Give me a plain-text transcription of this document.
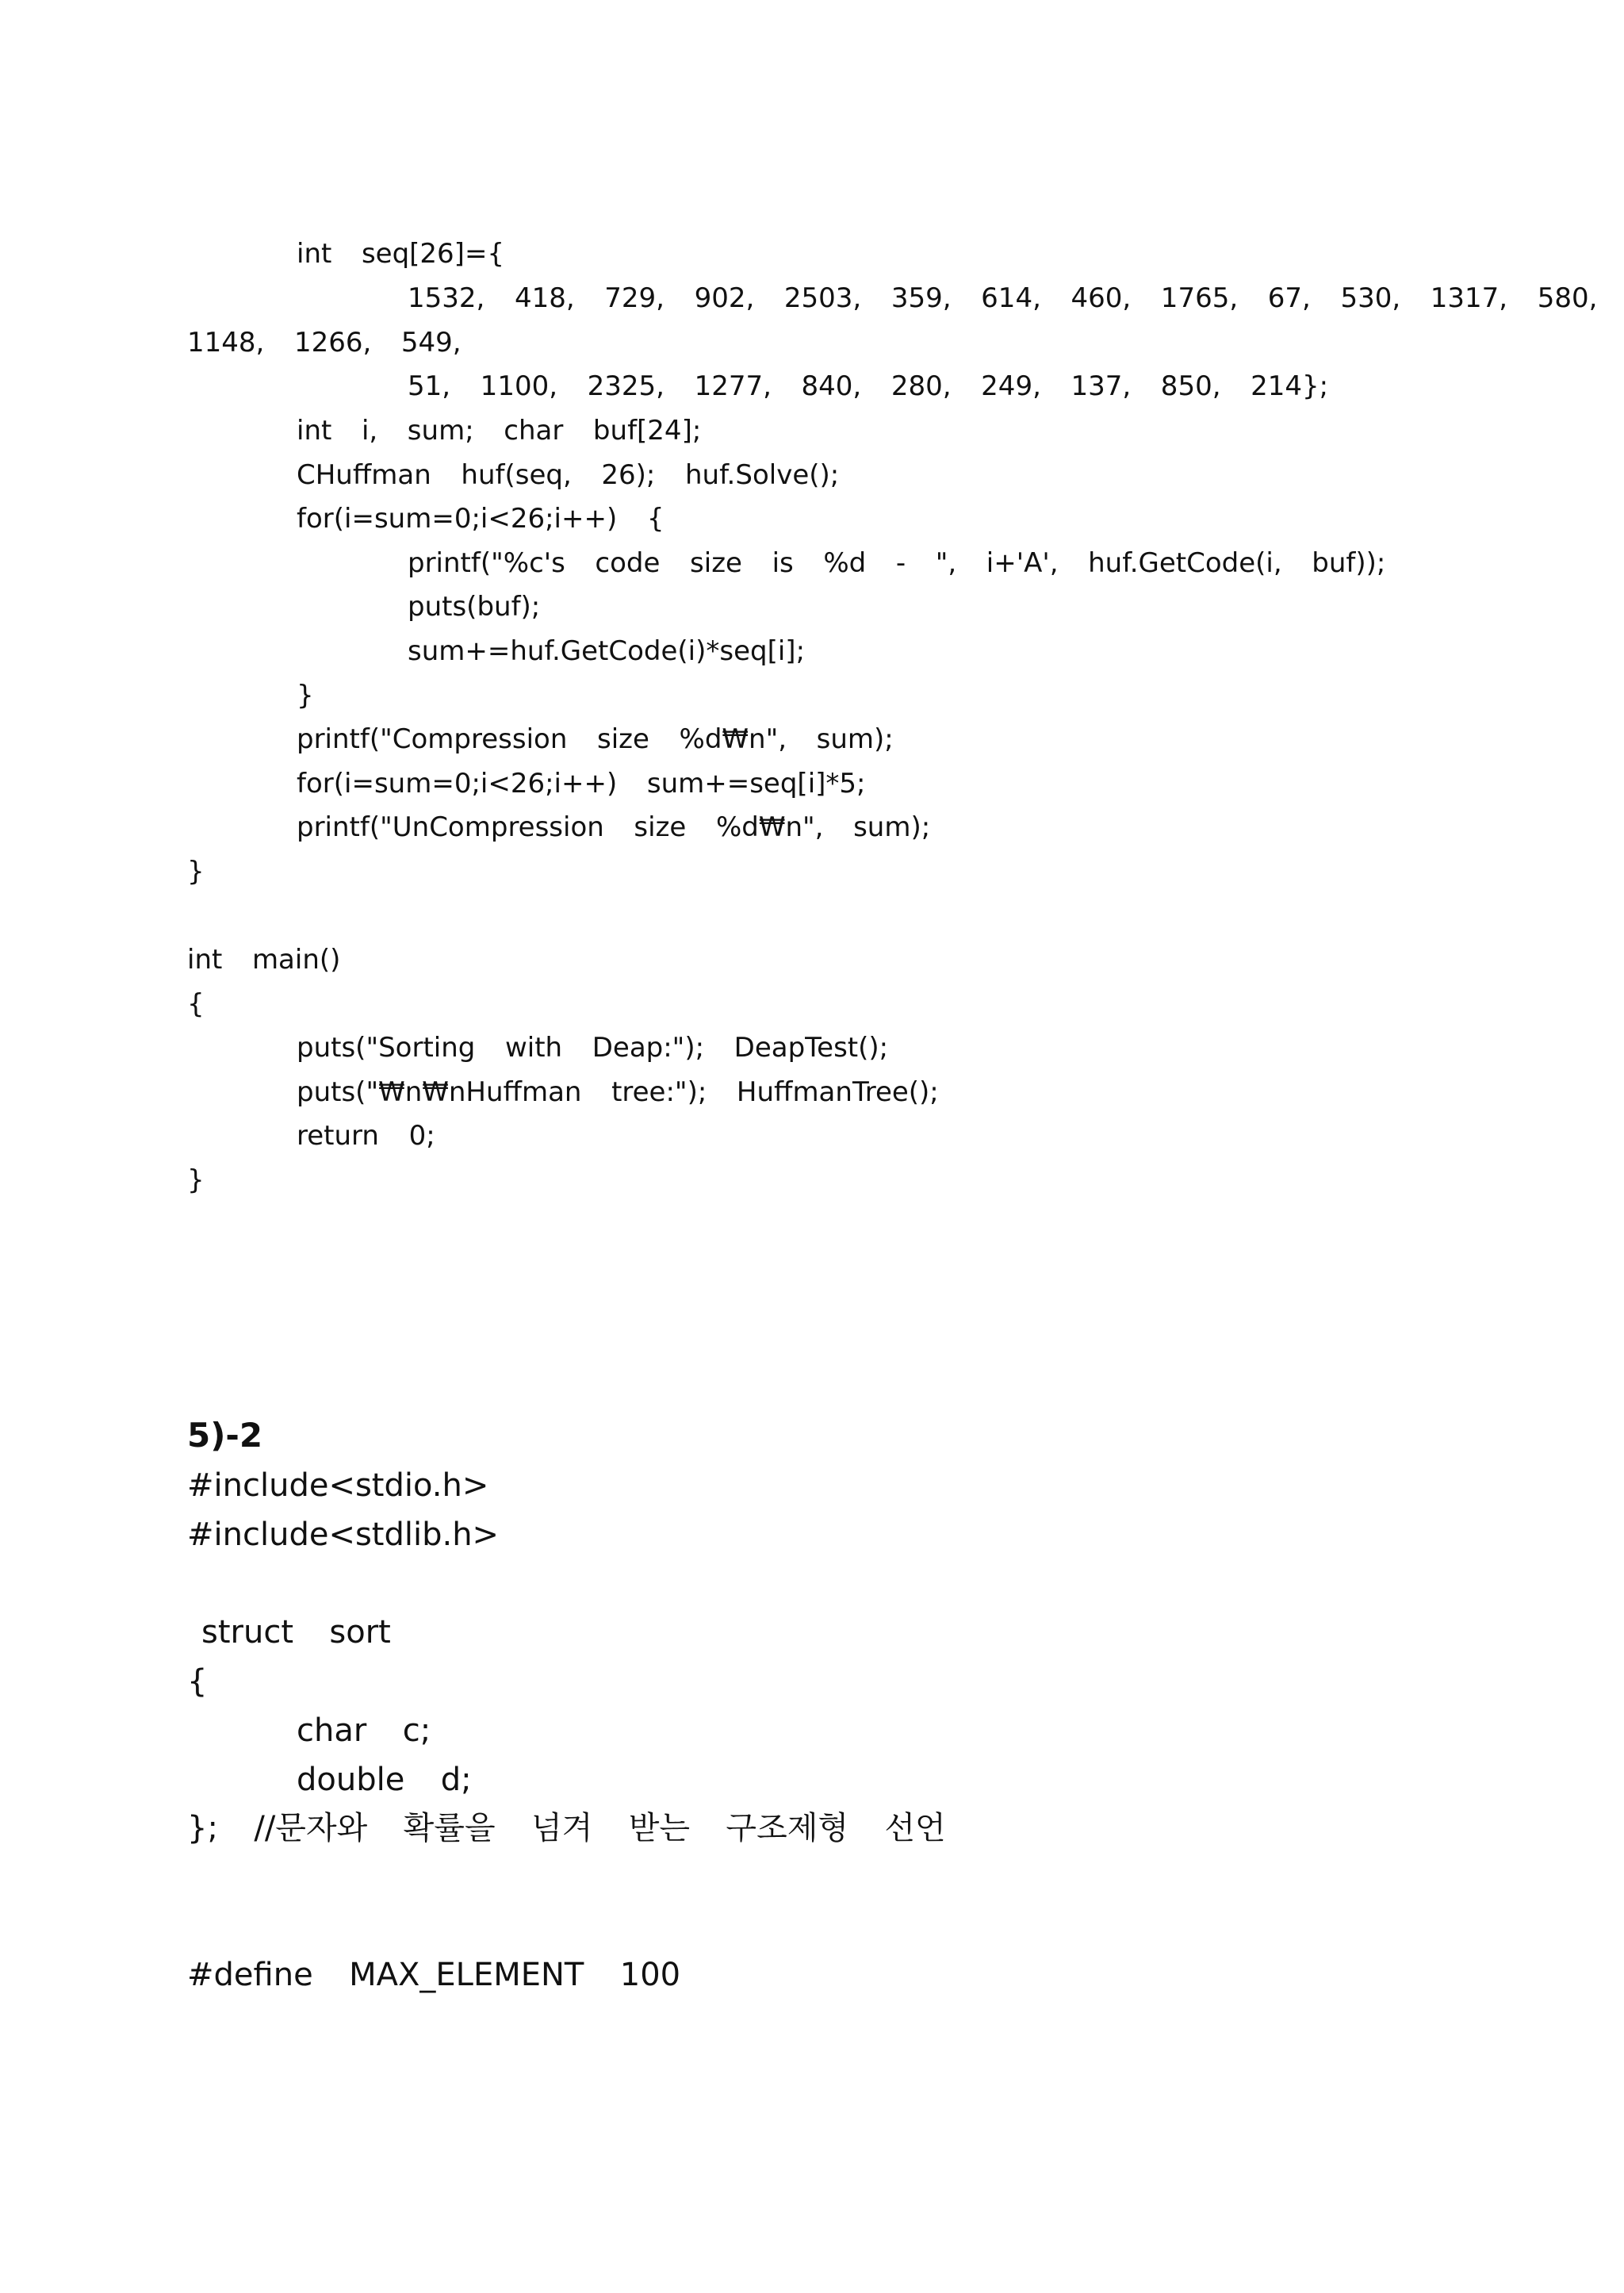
int  seq[26]={
1532,  418,  729,  902,  2503,  359,  614,  460,  1765,  67,  530,  1317,  580,
1148,  1266,  549,
51,  1100,  2325,  1277,  840,  280,  249,  137,  850,  214};
int  i,  sum;  char  buf[24];
CHuffman  huf(seq,  26);  huf.Solve();
for(i=sum=0;i<26;i++)  {
printf("%c's  code  size  is  %d  -  ",  i+'A',  huf.GetCode(i,  buf));
puts(buf);
sum+=huf.GetCode(i)*seq[i];
}
printf("Compression  size  %d₩n",  sum);
for(i=sum=0;i<26;i++)  sum+=seq[i]*5;
printf("UnCompression  size  %d₩n",  sum);
}
int  main()
{
puts("Sorting  with  Deap:");  DeapTest();
puts("₩n₩nHuffman  tree:");  HuffmanTree();
return  0;
}
5)-2
#include<stdio.h>
#include<stdlib.h>
struct  sort
{
char  c;
double  d;
};  //문자와  확률을  넘겨  받는  구조제형  선언
#define  MAX_ELEMENT  100
